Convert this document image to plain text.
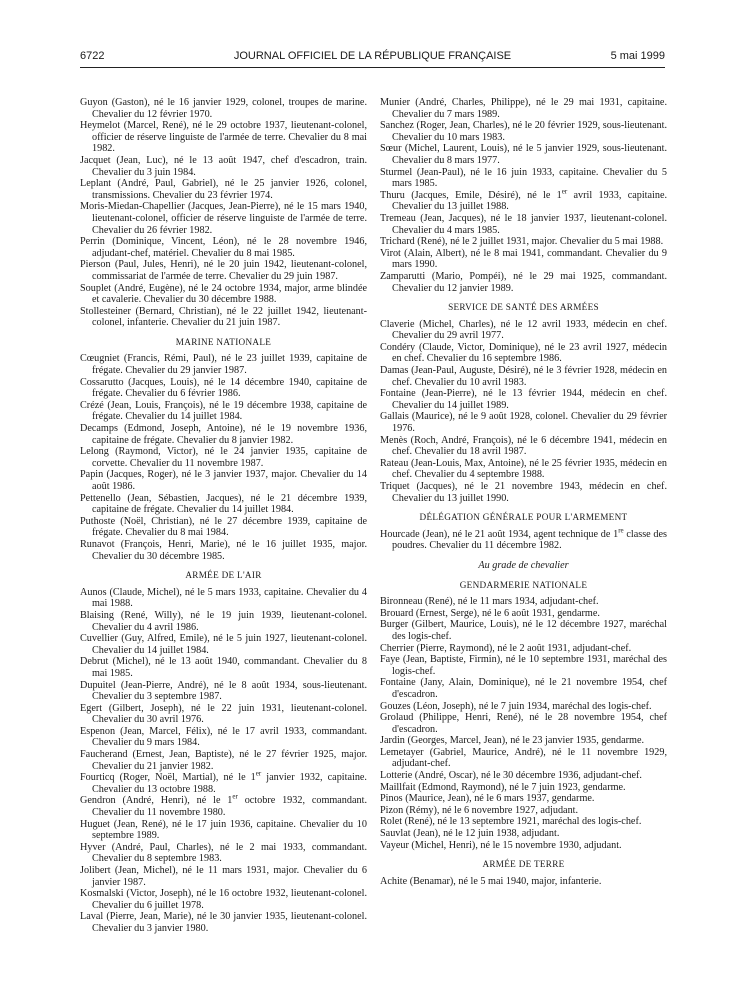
6722	JOURNAL OFFICIEL DE LA RÉPUBLIQUE FRANÇAISE	5 mai 1999

Guyon (Gaston), né le 16 janvier 1929, colonel, troupes de marine. Chevalier du 12 février 1970.

Heymelot (Marcel, René), né le 29 octobre 1937, lieutenant-colonel, officier de réserve linguiste de l'armée de terre. Chevalier du 8 mai 1982.

Jacquet (Jean, Luc), né le 13 août 1947, chef d'escadron, train. Chevalier du 3 juin 1984.

Leplant (André, Paul, Gabriel), né le 25 janvier 1926, colonel, transmissions. Chevalier du 23 février 1974.

Moris-Miedan-Chapellier (Jacques, Jean-Pierre), né le 15 mars 1940, lieutenant-colonel, officier de réserve linguiste de l'armée de terre. Chevalier du 26 février 1982.

Perrin (Dominique, Vincent, Léon), né le 28 novembre 1946, adjudant-chef, matériel. Chevalier du 8 mai 1985.

Pierson (Paul, Jules, Henri), né le 20 juin 1942, lieutenant-colonel, commissariat de l'armée de terre. Chevalier du 29 juin 1987.

Souplet (André, Eugène), né le 24 octobre 1934, major, arme blindée et cavalerie. Chevalier du 30 décembre 1988.

Stollesteiner (Bernard, Christian), né le 22 juillet 1942, lieutenant-colonel, infanterie. Chevalier du 21 juin 1987.

MARINE NATIONALE

Cœugniet (Francis, Rémi, Paul), né le 23 juillet 1939, capitaine de frégate. Chevalier du 29 janvier 1987.

Cossarutto (Jacques, Louis), né le 14 décembre 1940, capitaine de frégate. Chevalier du 6 février 1986.

Crézé (Jean, Louis, François), né le 19 décembre 1938, capitaine de frégate. Chevalier du 14 juillet 1984.

Decamps (Edmond, Joseph, Antoine), né le 19 novembre 1936, capitaine de frégate. Chevalier du 8 janvier 1982.

Lelong (Raymond, Victor), né le 24 janvier 1935, capitaine de corvette. Chevalier du 11 novembre 1987.

Papin (Jacques, Roger), né le 3 janvier 1937, major. Chevalier du 14 août 1986.

Pettenello (Jean, Sébastien, Jacques), né le 21 décembre 1939, capitaine de frégate. Chevalier du 14 juillet 1984.

Puthoste (Noël, Christian), né le 27 décembre 1939, capitaine de frégate. Chevalier du 8 mai 1984.

Runavot (François, Henri, Marie), né le 16 juillet 1935, major. Chevalier du 30 décembre 1985.

ARMÉE DE L'AIR

Aunos (Claude, Michel), né le 5 mars 1933, capitaine. Chevalier du 4 mai 1988.

Blaising (René, Willy), né le 19 juin 1939, lieutenant-colonel. Chevalier du 4 avril 1986.

Cuvellier (Guy, Alfred, Emile), né le 5 juin 1927, lieutenant-colonel. Chevalier du 14 juillet 1984.

Debrut (Michel), né le 13 août 1940, commandant. Chevalier du 8 mai 1985.

Dupuitel (Jean-Pierre, André), né le 8 août 1934, sous-lieutenant. Chevalier du 3 septembre 1987.

Egert (Gilbert, Joseph), né le 22 juin 1931, lieutenant-colonel. Chevalier du 30 avril 1976.

Espenon (Jean, Marcel, Félix), né le 17 avril 1933, commandant. Chevalier du 9 mars 1984.

Faucherand (Ernest, Jean, Baptiste), né le 27 février 1925, major. Chevalier du 21 janvier 1982.

Fourticq (Roger, Noël, Martial), né le 1er janvier 1932, capitaine. Chevalier du 13 octobre 1988.

Gendron (André, Henri), né le 1er octobre 1932, commandant. Chevalier du 11 novembre 1980.

Huguet (Jean, René), né le 17 juin 1936, capitaine. Chevalier du 10 septembre 1989.

Hyver (André, Paul, Charles), né le 2 mai 1933, commandant. Chevalier du 8 septembre 1983.

Jolibert (Jean, Michel), né le 11 mars 1931, major. Chevalier du 6 janvier 1987.

Kosmalski (Victor, Joseph), né le 16 octobre 1932, lieutenant-colonel. Chevalier du 6 juillet 1978.

Laval (Pierre, Jean, Marie), né le 30 janvier 1935, lieutenant-colonel. Chevalier du 3 janvier 1980.

Munier (André, Charles, Philippe), né le 29 mai 1931, capitaine. Chevalier du 7 mars 1989.

Sanchez (Roger, Jean, Charles), né le 20 février 1929, sous-lieutenant. Chevalier du 10 mars 1983.

Sœur (Michel, Laurent, Louis), né le 5 janvier 1929, sous-lieutenant. Chevalier du 8 mars 1977.

Sturmel (Jean-Paul), né le 16 juin 1933, capitaine. Chevalier du 5 mars 1985.

Thuru (Jacques, Emile, Désiré), né le 1er avril 1933, capitaine. Chevalier du 13 juillet 1988.

Tremeau (Jean, Jacques), né le 18 janvier 1937, lieutenant-colonel. Chevalier du 4 mars 1985.

Trichard (René), né le 2 juillet 1931, major. Chevalier du 5 mai 1988.

Virot (Alain, Albert), né le 8 mai 1941, commandant. Chevalier du 9 mars 1990.

Zamparutti (Mario, Pompéi), né le 29 mai 1925, commandant. Chevalier du 12 janvier 1989.

SERVICE DE SANTÉ DES ARMÉES

Claverie (Michel, Charles), né le 12 avril 1933, médecin en chef. Chevalier du 29 avril 1977.

Condéry (Claude, Victor, Dominique), né le 23 avril 1927, médecin en chef. Chevalier du 16 septembre 1986.

Damas (Jean-Paul, Auguste, Désiré), né le 3 février 1928, médecin en chef. Chevalier du 10 avril 1983.

Fontaine (Jean-Pierre), né le 13 février 1944, médecin en chef. Chevalier du 14 juillet 1989.

Gallais (Maurice), né le 9 août 1928, colonel. Chevalier du 29 février 1976.

Menès (Roch, André, François), né le 6 décembre 1941, médecin en chef. Chevalier du 18 avril 1987.

Rateau (Jean-Louis, Max, Antoine), né le 25 février 1935, médecin en chef. Chevalier du 4 septembre 1988.

Triquet (Jacques), né le 21 novembre 1943, médecin en chef. Chevalier du 13 juillet 1990.

DÉLÉGATION GÉNÉRALE POUR L'ARMEMENT

Hourcade (Jean), né le 21 août 1934, agent technique de 1re classe des poudres. Chevalier du 11 décembre 1982.

Au grade de chevalier

GENDARMERIE NATIONALE

Bironneau (René), né le 11 mars 1934, adjudant-chef.

Brouard (Ernest, Serge), né le 6 août 1931, gendarme.

Burger (Gilbert, Maurice, Louis), né le 12 décembre 1927, maréchal des logis-chef.

Cherrier (Pierre, Raymond), né le 2 août 1931, adjudant-chef.

Faye (Jean, Baptiste, Firmin), né le 10 septembre 1931, maréchal des logis-chef.

Fontaine (Jany, Alain, Dominique), né le 21 novembre 1954, chef d'escadron.

Gouzes (Léon, Joseph), né le 7 juin 1934, maréchal des logis-chef.

Grolaud (Philippe, Henri, René), né le 28 novembre 1954, chef d'escadron.

Jardin (Georges, Marcel, Jean), né le 23 janvier 1935, gendarme.

Lemetayer (Gabriel, Maurice, André), né le 11 novembre 1929, adjudant-chef.

Lotterie (André, Oscar), né le 30 décembre 1936, adjudant-chef.

Maillfait (Edmond, Raymond), né le 7 juin 1923, gendarme.

Pinos (Maurice, Jean), né le 6 mars 1937, gendarme.

Pizon (Rémy), né le 6 novembre 1927, adjudant.

Rolet (René), né le 13 septembre 1921, maréchal des logis-chef.

Sauvlat (Jean), né le 12 juin 1938, adjudant.

Vayeur (Michel, Henri), né le 15 novembre 1930, adjudant.

ARMÉE DE TERRE

Achite (Benamar), né le 5 mai 1940, major, infanterie.
